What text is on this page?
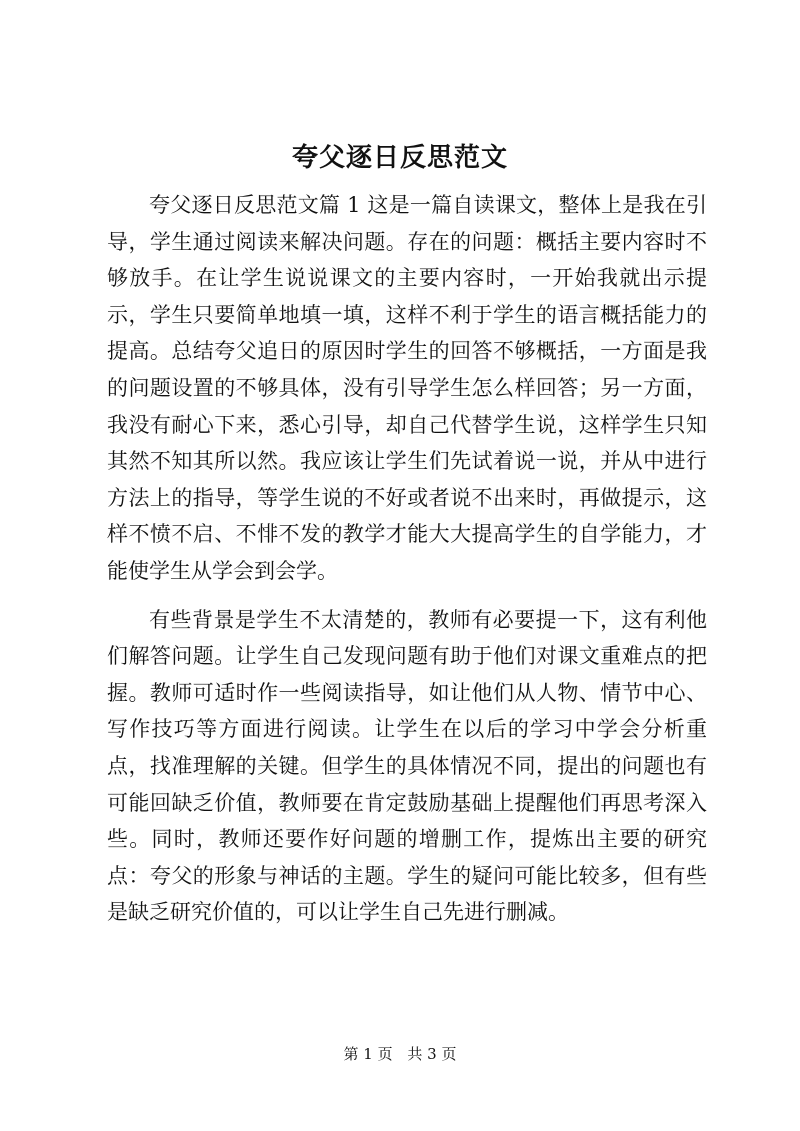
夸父逐日反思范文

夸父逐日反思范文篇 1 这是一篇自读课文，整体上是我在引导，学生通过阅读来解决问题。存在的问题：概括主要内容时不够放手。在让学生说说课文的主要内容时，一开始我就出示提示，学生只要简单地填一填，这样不利于学生的语言概括能力的提高。总结夸父追日的原因时学生的回答不够概括，一方面是我的问题设置的不够具体，没有引导学生怎么样回答；另一方面，我没有耐心下来，悉心引导，却自己代替学生说，这样学生只知其然不知其所以然。我应该让学生们先试着说一说，并从中进行方法上的指导，等学生说的不好或者说不出来时，再做提示，这样不愤不启、不悱不发的教学才能大大提高学生的自学能力，才能使学生从学会到会学。

有些背景是学生不太清楚的，教师有必要提一下，这有利他们解答问题。让学生自己发现问题有助于他们对课文重难点的把握。教师可适时作一些阅读指导，如让他们从人物、情节中心、写作技巧等方面进行阅读。让学生在以后的学习中学会分析重点，找准理解的关键。但学生的具体情况不同，提出的问题也有可能回缺乏价值，教师要在肯定鼓励基础上提醒他们再思考深入些。同时，教师还要作好问题的增删工作，提炼出主要的研究点：夸父的形象与神话的主题。学生的疑问可能比较多，但有些是缺乏研究价值的，可以让学生自己先进行删减。

第 1 页 共 3 页
